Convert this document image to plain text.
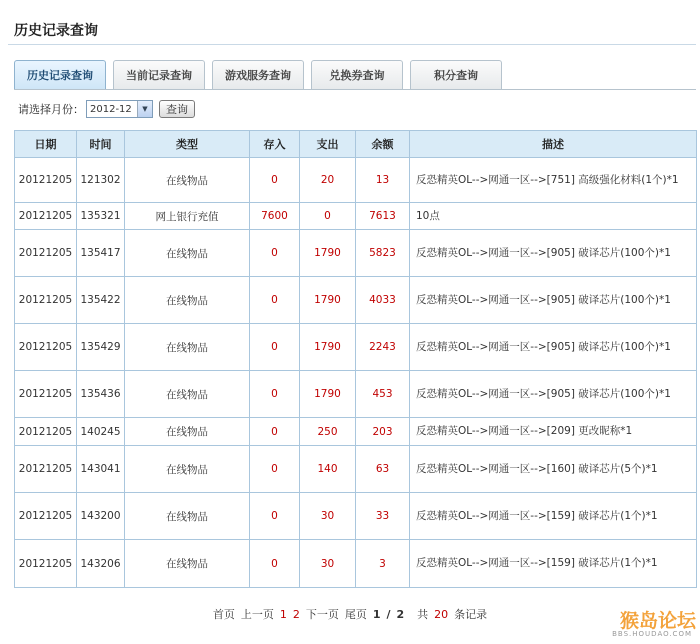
历史记录查询
历史记录查询	当前记录查询	游戏服务查询	兑换券查询	积分查询
请选择月份： 2012-12	▼	查询
日期	时间	类型	存入	支出	余额	描述
20121205	121302	在线物品	0	20	13	反恐精英OL-->网通一区-->[751] 高级强化材料(1个)*1
20121205	135321	网上银行充值	7600	0	7613	10点
20121205	135417	在线物品	0	1790	5823	反恐精英OL-->网通一区-->[905] 破译芯片(100个)*1
20121205	135422	在线物品	0	1790	4033	反恐精英OL-->网通一区-->[905] 破译芯片(100个)*1
20121205	135429	在线物品	0	1790	2243	反恐精英OL-->网通一区-->[905] 破译芯片(100个)*1
20121205	135436	在线物品	0	1790	453	反恐精英OL-->网通一区-->[905] 破译芯片(100个)*1
20121205	140245	在线物品	0	250	203	反恐精英OL-->网通一区-->[209] 更改昵称*1
20121205	143041	在线物品	0	140	63	反恐精英OL-->网通一区-->[160] 破译芯片(5个)*1
20121205	143200	在线物品	0	30	33	反恐精英OL-->网通一区-->[159] 破译芯片(1个)*1
20121205	143206	在线物品	0	30	3	反恐精英OL-->网通一区-->[159] 破译芯片(1个)*1
首页 上一页 1 2 下一页 尾页 1 / 2 共 20 条记录	猴岛论坛
BBS.HOUDAO.COM
